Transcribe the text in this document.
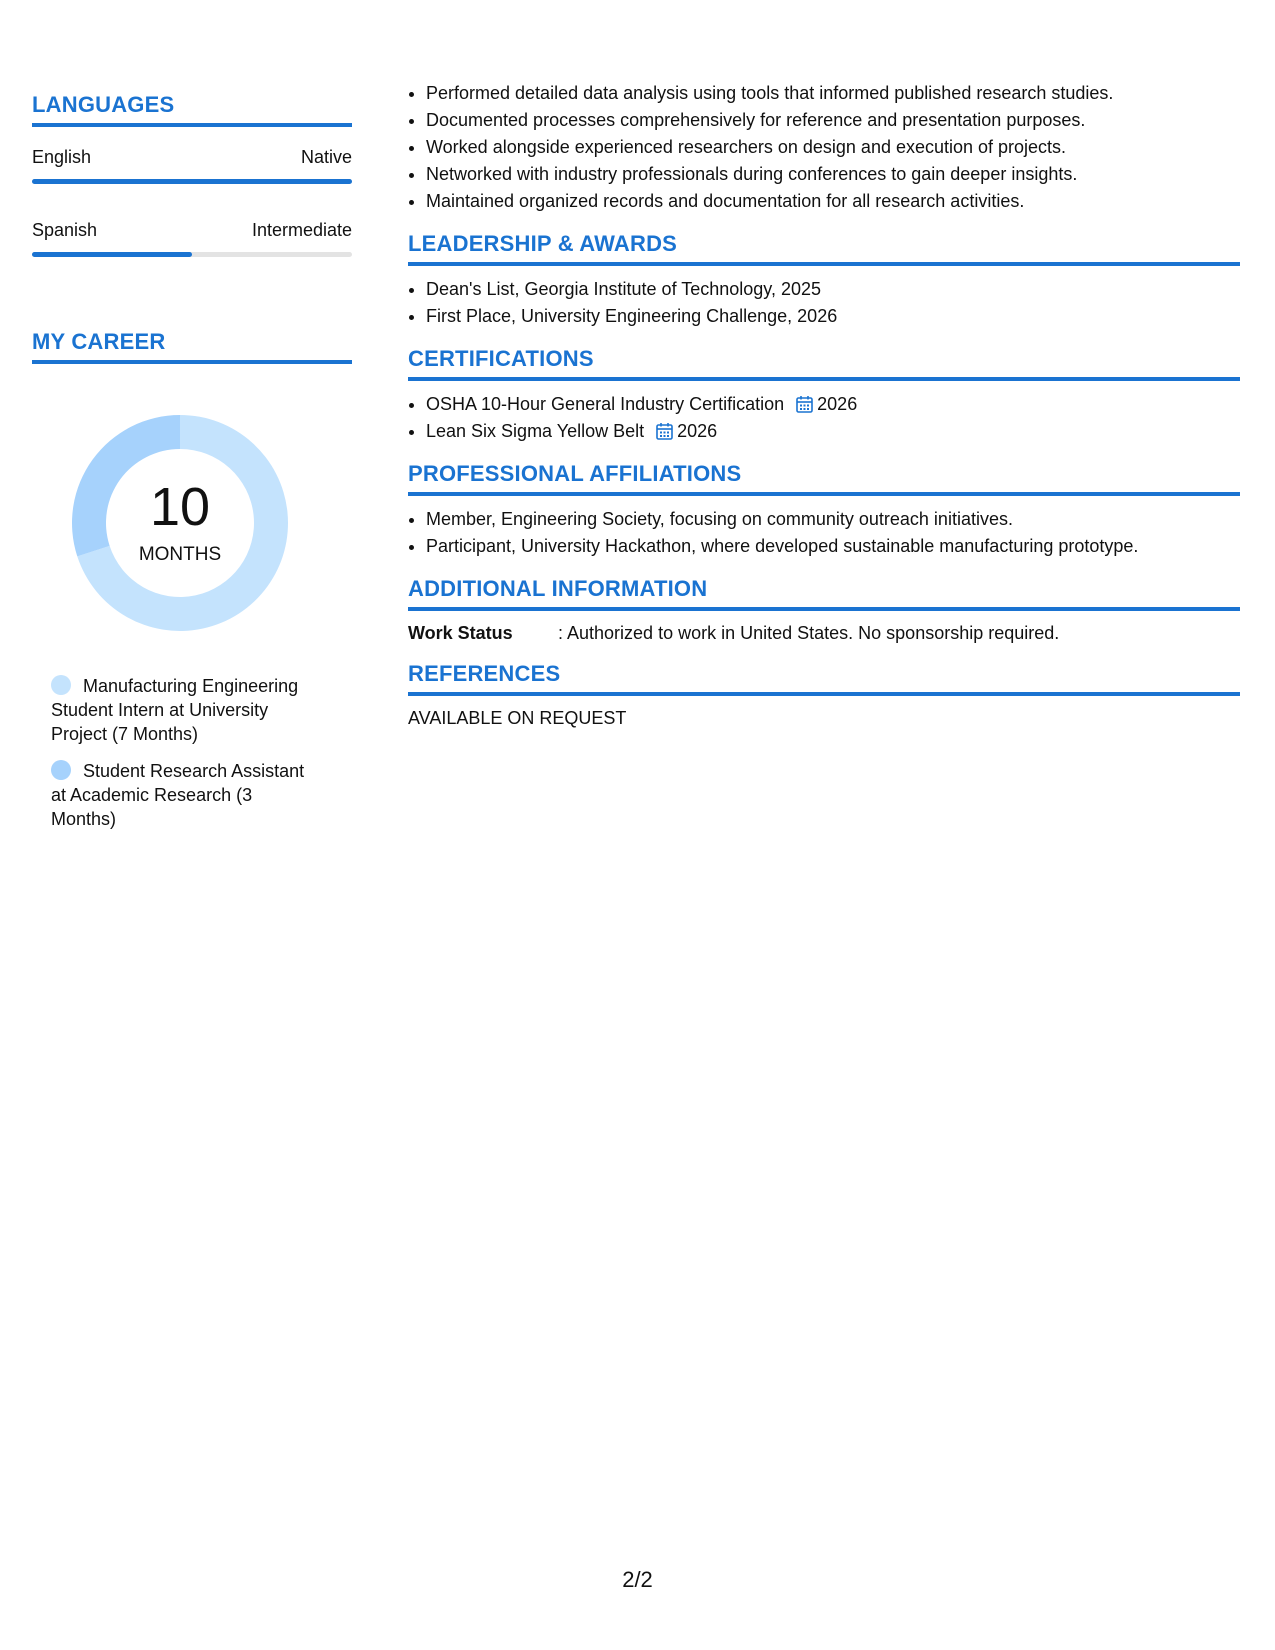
LANGUAGES
English	Native
Spanish	Intermediate
MY CAREER
10
MONTHS
Manufacturing Engineering Student Intern at University Project (7 Months)
Student Research Assistant at Academic Research (3 Months)
• Performed detailed data analysis using tools that informed published research studies.
• Documented processes comprehensively for reference and presentation purposes.
• Worked alongside experienced researchers on design and execution of projects.
• Networked with industry professionals during conferences to gain deeper insights.
• Maintained organized records and documentation for all research activities.
LEADERSHIP & AWARDS
• Dean's List, Georgia Institute of Technology, 2025
• First Place, University Engineering Challenge, 2026
CERTIFICATIONS
• OSHA 10-Hour General Industry Certification 2026
• Lean Six Sigma Yellow Belt 2026
PROFESSIONAL AFFILIATIONS
• Member, Engineering Society, focusing on community outreach initiatives.
• Participant, University Hackathon, where developed sustainable manufacturing prototype.
ADDITIONAL INFORMATION
Work Status	: Authorized to work in United States. No sponsorship required.
REFERENCES

AVAILABLE ON REQUEST

2/2
